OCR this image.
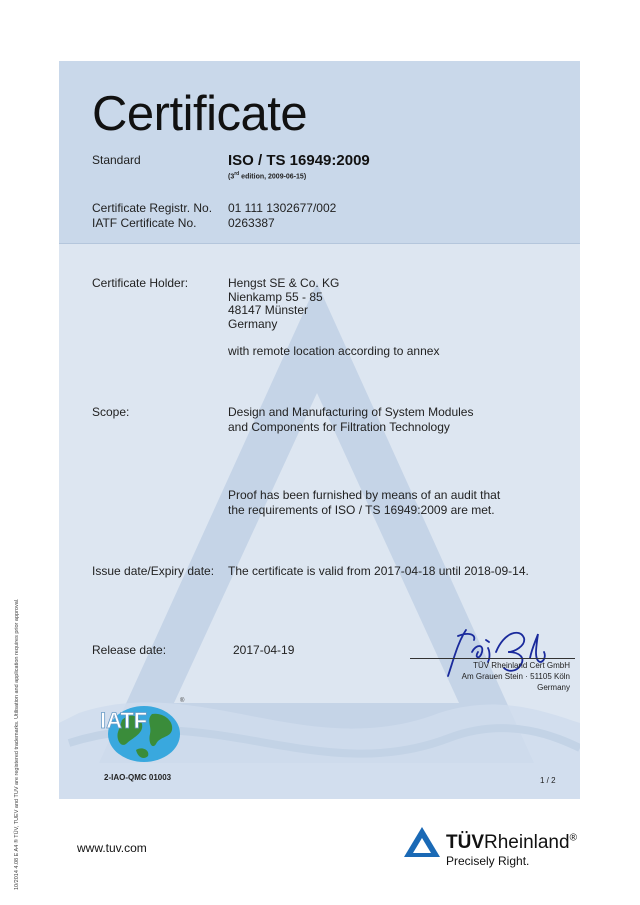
Certificate
Standard	ISO / TS 16949:2009
(3rd edition, 2009-06-15)
Certificate Registr. No. 01 111 1302677/002
IATF Certificate No.	0263387
Certificate Holder:	Hengst SE & Co. KG
Nienkamp 55 - 85
48147 Münster
Germany
with remote location according to annex
Scope:	Design and Manufacturing of System Modules
and Components for Filtration Technology
Proof has been furnished by means of an audit that
the requirements of ISO / TS 16949:2009 are met.
Issue date/Expiry date: The certificate is valid from 2017-04-18 until 2018-09-14.
Release date:	2017-04-19
TÜV Rheinland Cert GmbH
Am Grauen Stein · 51105 Köln
Germany
IATF
®
2-IAO-QMC 01003	1 / 2
10/2014 4.08 E A4 ® TÜV, TUEV and TUV are registered trademarks. Utilisation and application requires prior approval.	www.tuv.com	TÜVRheinland®
Precisely Right.
